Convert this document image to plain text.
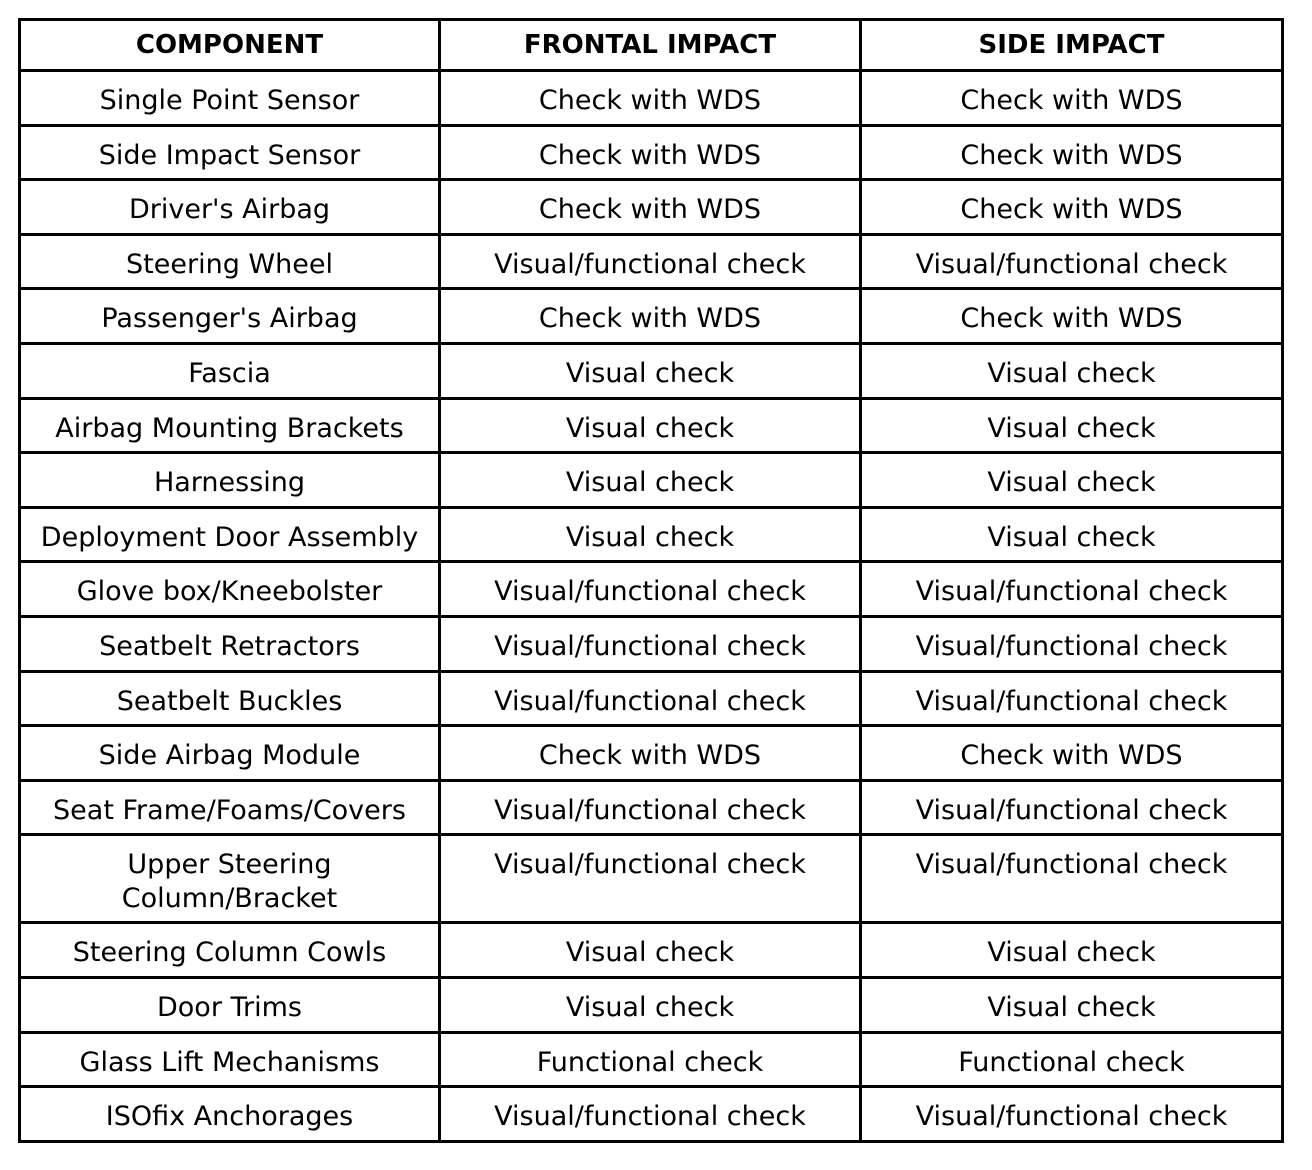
COMPONENT	FRONTAL IMPACT	SIDE IMPACT
Single Point Sensor	Check with WDS	Check with WDS
Side Impact Sensor	Check with WDS	Check with WDS
Driver's Airbag	Check with WDS	Check with WDS
Steering Wheel	Visual/functional check	Visual/functional check
Passenger's Airbag	Check with WDS	Check with WDS
Fascia	Visual check	Visual check
Airbag Mounting Brackets	Visual check	Visual check
Harnessing	Visual check	Visual check
Deployment Door Assembly	Visual check	Visual check
Glove box/Kneebolster	Visual/functional check	Visual/functional check
Seatbelt Retractors	Visual/functional check	Visual/functional check
Seatbelt Buckles	Visual/functional check	Visual/functional check
Side Airbag Module	Check with WDS	Check with WDS
Seat Frame/Foams/Covers	Visual/functional check	Visual/functional check

Upper Steering Column/Bracket	Visual/functional check	Visual/functional check
Steering Column Cowls	Visual check	Visual check
Door Trims	Visual check	Visual check
Glass Lift Mechanisms	Functional check	Functional check
ISOfix Anchorages	Visual/functional check	Visual/functional check
